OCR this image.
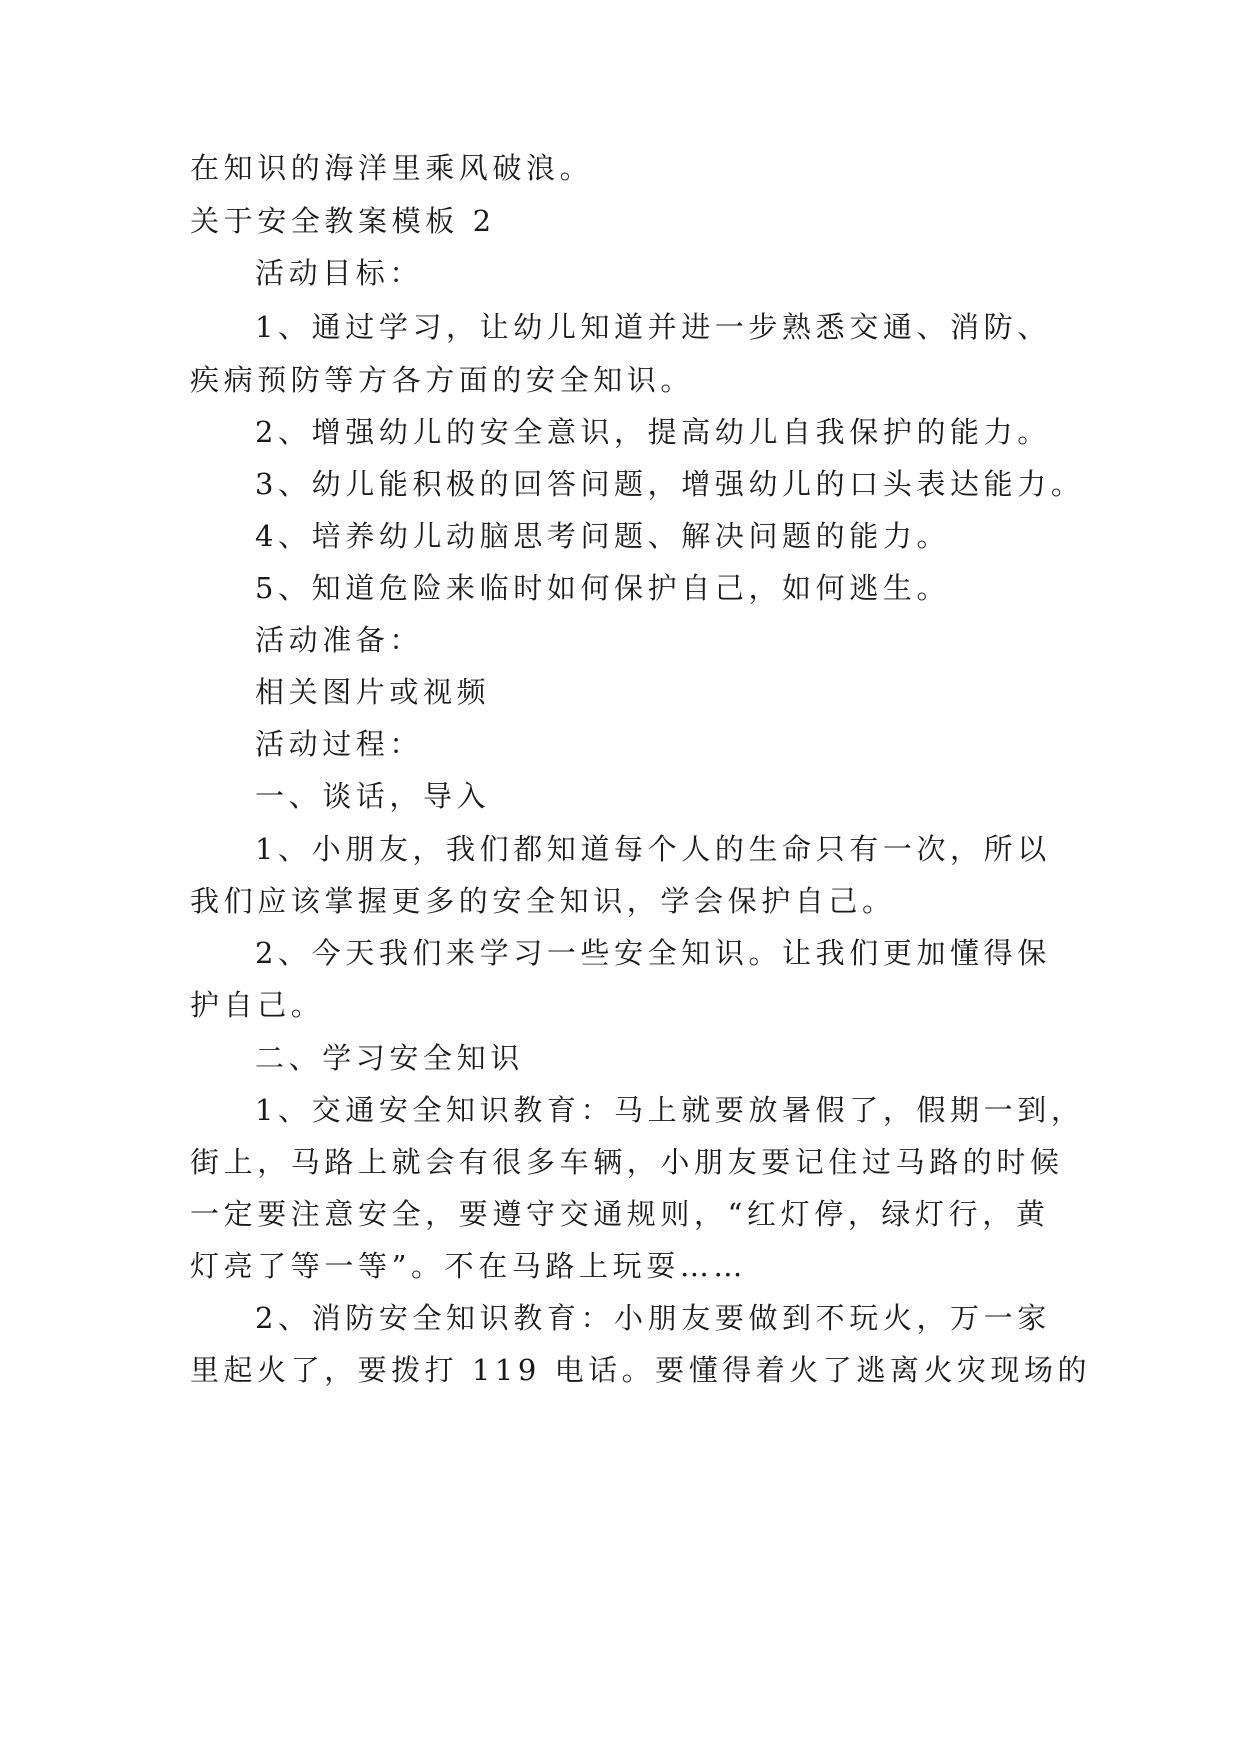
在知识的海洋里乘风破浪。

关于安全教案模板 2

活动目标：

1、通过学习，让幼儿知道并进一步熟悉交通、消防、

疾病预防等方各方面的安全知识。

2、增强幼儿的安全意识，提高幼儿自我保护的能力。

3、幼儿能积极的回答问题，增强幼儿的口头表达能力。

4、培养幼儿动脑思考问题、解决问题的能力。

5、知道危险来临时如何保护自己，如何逃生。

活动准备：

相关图片或视频

活动过程：

一、谈话，导入

1、小朋友，我们都知道每个人的生命只有一次，所以

我们应该掌握更多的安全知识，学会保护自己。

2、今天我们来学习一些安全知识。让我们更加懂得保

护自己。

二、学习安全知识

1、交通安全知识教育：马上就要放暑假了，假期一到，

街上，马路上就会有很多车辆，小朋友要记住过马路的时候

一定要注意安全，要遵守交通规则，“红灯停，绿灯行，黄

灯亮了等一等”。不在马路上玩耍……

2、消防安全知识教育：小朋友要做到不玩火，万一家

里起火了，要拨打 119 电话。要懂得着火了逃离火灾现场的
